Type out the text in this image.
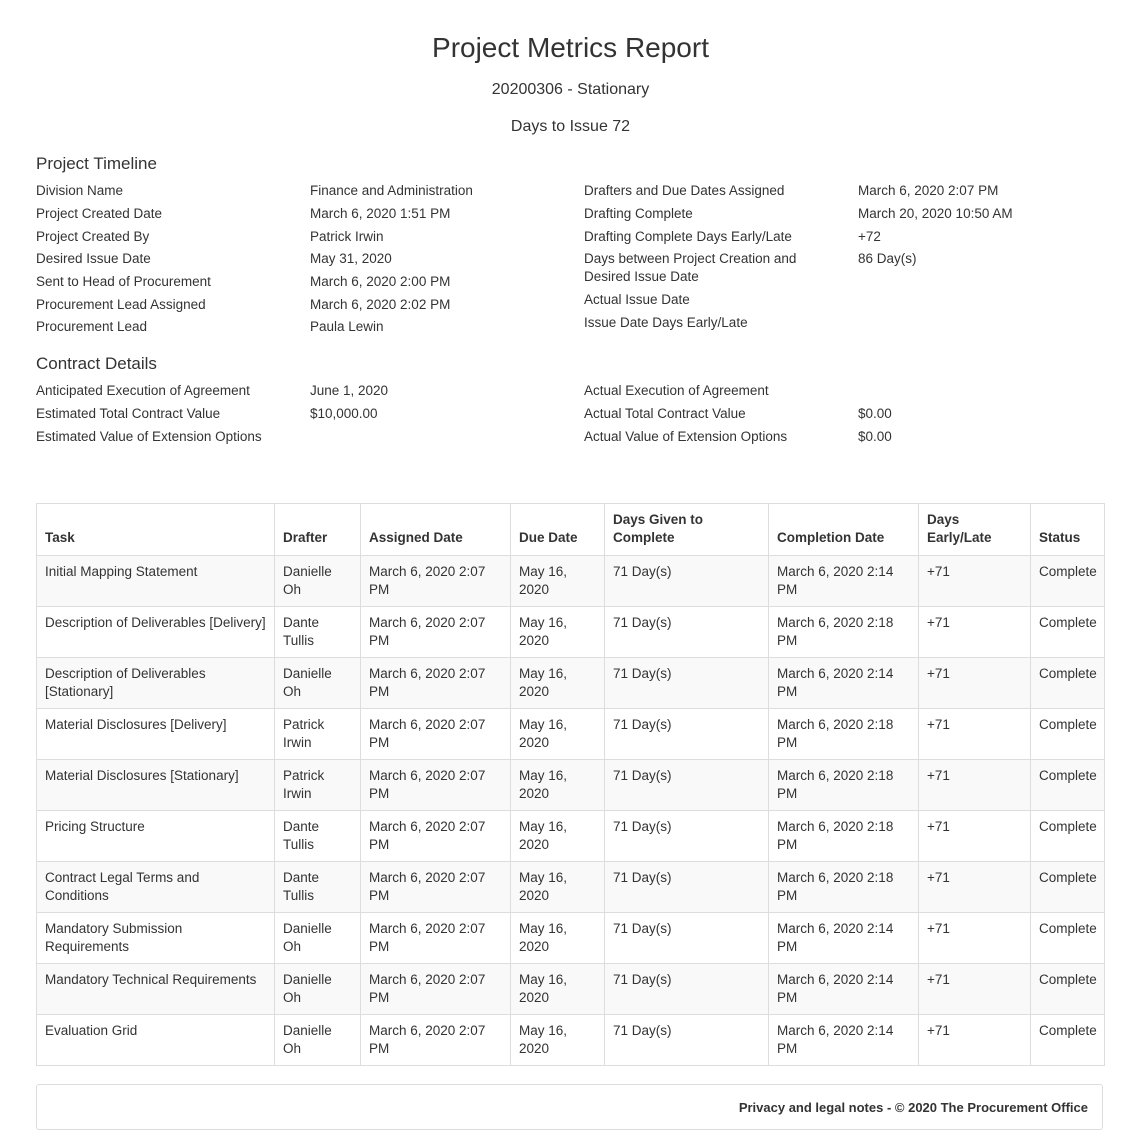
Project Metrics Report
20200306 - Stationary
Days to Issue 72
Project Timeline
Division Name	Finance and Administration
Project Created Date	March 6, 2020 1:51 PM
Project Created By	Patrick Irwin
Desired Issue Date	May 31, 2020
Sent to Head of Procurement	March 6, 2020 2:00 PM
Procurement Lead Assigned	March 6, 2020 2:02 PM
Procurement Lead	Paula Lewin
Drafters and Due Dates Assigned	March 6, 2020 2:07 PM
Drafting Complete	March 20, 2020 10:50 AM
Drafting Complete Days Early/Late	+72
Days between Project Creation and Desired Issue Date
86 Day(s)
Actual Issue Date
Issue Date Days Early/Late
Contract Details
Anticipated Execution of Agreement	June 1, 2020
Estimated Total Contract Value	$10,000.00
Estimated Value of Extension Options
Actual Execution of Agreement
Actual Total Contract Value	$0.00
Actual Value of Extension Options	$0.00
Task	Drafter	Assigned Date	Due Date	Days Given to Complete	Completion Date	Days Early/Late	Status
Initial Mapping Statement	Danielle Oh	March 6, 2020 2:07 PM	May 16, 2020	71 Day(s)	March 6, 2020 2:14 PM	+71	Complete
Description of Deliverables [Delivery]	Dante Tullis	March 6, 2020 2:07 PM	May 16, 2020	71 Day(s)	March 6, 2020 2:18 PM	+71	Complete
Description of Deliverables [Stationary]	Danielle Oh	March 6, 2020 2:07 PM	May 16, 2020	71 Day(s)	March 6, 2020 2:14 PM	+71	Complete
Material Disclosures [Delivery]	Patrick Irwin	March 6, 2020 2:07 PM	May 16, 2020	71 Day(s)	March 6, 2020 2:18 PM	+71	Complete
Material Disclosures [Stationary]	Patrick Irwin	March 6, 2020 2:07 PM	May 16, 2020	71 Day(s)	March 6, 2020 2:18 PM	+71	Complete
Pricing Structure	Dante Tullis	March 6, 2020 2:07 PM	May 16, 2020	71 Day(s)	March 6, 2020 2:18 PM	+71	Complete
Contract Legal Terms and Conditions	Dante Tullis	March 6, 2020 2:07 PM	May 16, 2020	71 Day(s)	March 6, 2020 2:18 PM	+71	Complete
Mandatory Submission Requirements	Danielle Oh	March 6, 2020 2:07 PM	May 16, 2020	71 Day(s)	March 6, 2020 2:14 PM	+71	Complete
Mandatory Technical Requirements	Danielle Oh	March 6, 2020 2:07 PM	May 16, 2020	71 Day(s)	March 6, 2020 2:14 PM	+71	Complete
Evaluation Grid	Danielle Oh	March 6, 2020 2:07 PM	May 16, 2020	71 Day(s)	March 6, 2020 2:14 PM	+71	Complete
Privacy and legal notes - © 2020 The Procurement Office
